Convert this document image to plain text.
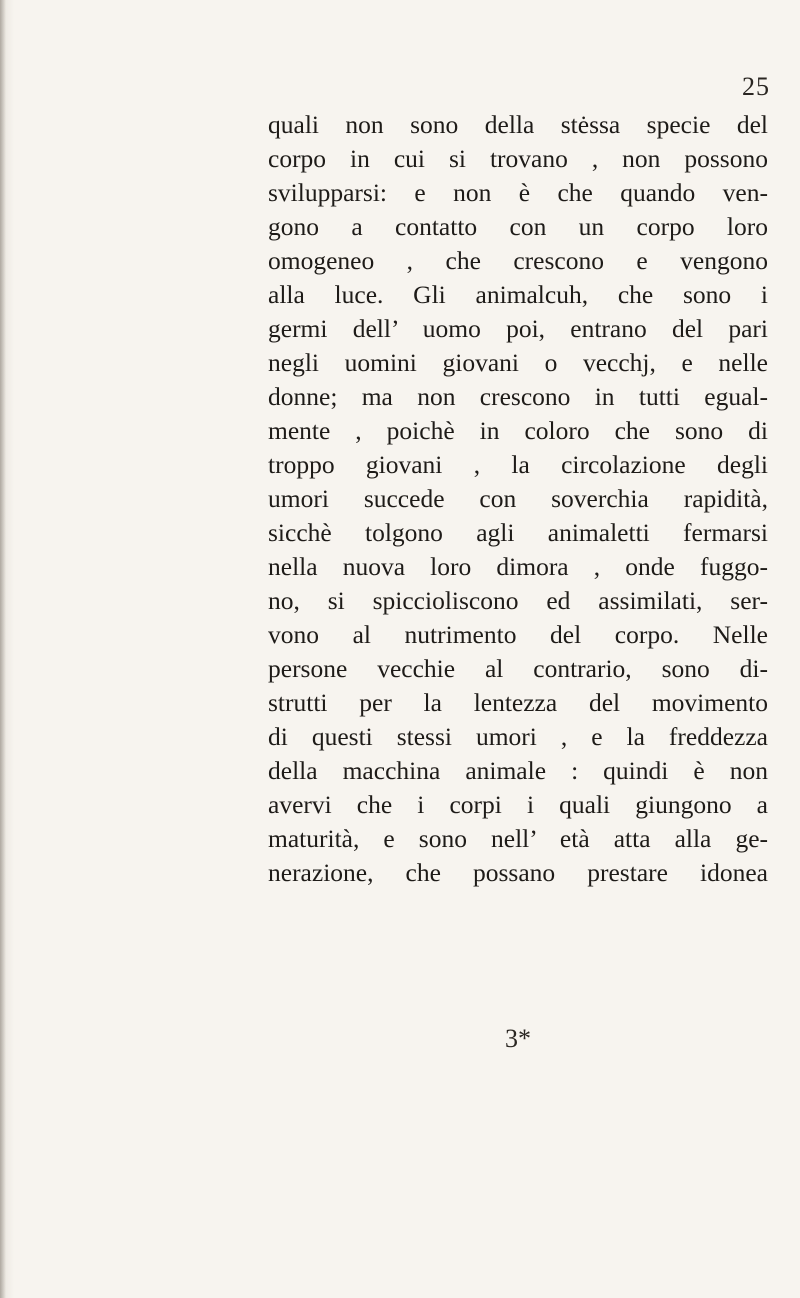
25
quali non sono della stėssa specie del
corpo in cui si trovano , non possono
svilupparsi: e non è che quando ven-
gono a contatto con un corpo loro
omogeneo , che crescono e vengono
alla luce. Gli animalcuh, che sono i
germi dell’ uomo poi, entrano del pari
negli uomini giovani o vecchj, e nelle
donne; ma non crescono in tutti egual-
mente , poichè in coloro che sono di
troppo giovani , la circolazione degli
umori succede con soverchia rapidità,
sicchè tolgono agli animaletti fermarsi
nella nuova loro dimora , onde fuggo-
no, si spiccioliscono ed assimilati, ser-
vono al nutrimento del corpo. Nelle
persone vecchie al contrario, sono di-
strutti per la lentezza del movimento
di questi stessi umori , e la freddezza
della macchina animale : quindi è non
avervi che i corpi i quali giungono a
maturità, e sono nell’ età atta alla ge-
nerazione, che possano prestare idonea
3*
